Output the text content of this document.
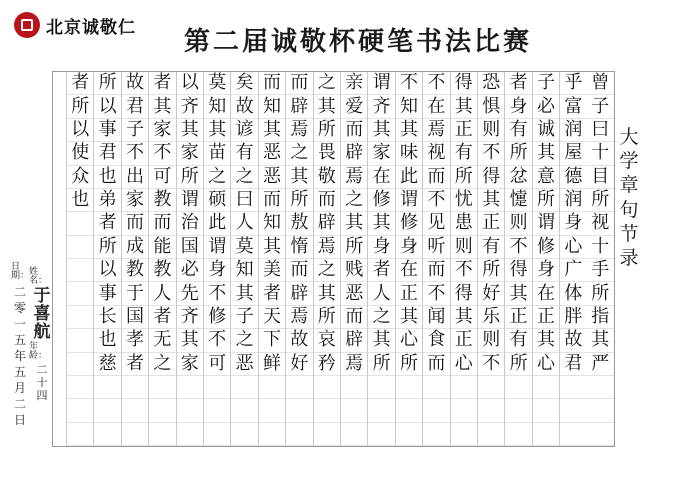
北京诚敬仁	第二届诚敬杯硬笔书法比赛
大
学
章
句
节
录
曾
子
曰
十
目
所
视
十
手
所
指
其
严
乎
富
润
屋
德
润
身
心
广
体
胖
故
君
子
必
诚
其
意
所
谓
修
身
在
正
其
心
者
身
有
所
忿
懥
则
不
得
其
正
有
所
恐
惧
则
不
得
其
正
有
所
好
乐
则
不
得
其
正
有
所
忧
患
则
不
得
其
正
心
不
在
焉
视
而
不
见
听
而
不
闻
食
而
不
知
其
味
此
谓
修
身
在
正
其
心
所
谓
齐
其
家
在
修
其
身
者
人
之
其
所
亲
爱
而
辟
焉
之
其
所
贱
恶
而
辟
焉
之
其
所
畏
敬
而
辟
焉
之
其
所
哀
矜
而
辟
焉
之
其
所
敖
惰
而
辟
焉
故
好
而
知
其
恶
恶
而
知
其
美
者
天
下
鲜
矣
故
谚
有
之
曰
人
莫
知
其
子
之
恶
莫
知
其
苗
之
硕
此
谓
身
不
修
不
可
以
齐
其
家
所
谓
治
国
必
先
齐
其
家
者
其
家
不
可
教
而
能
教
人
者
无
之
故
君
子
不
出
家
而
成
教
于
国
孝
者
所
以
事
君
也
弟
者
所
以
事
长
也
慈
者
所
以
使
众
也
姓名：
于
喜
航
年龄：
二
十
四
日期：
二
零
一
五
年
五
月
二
日
